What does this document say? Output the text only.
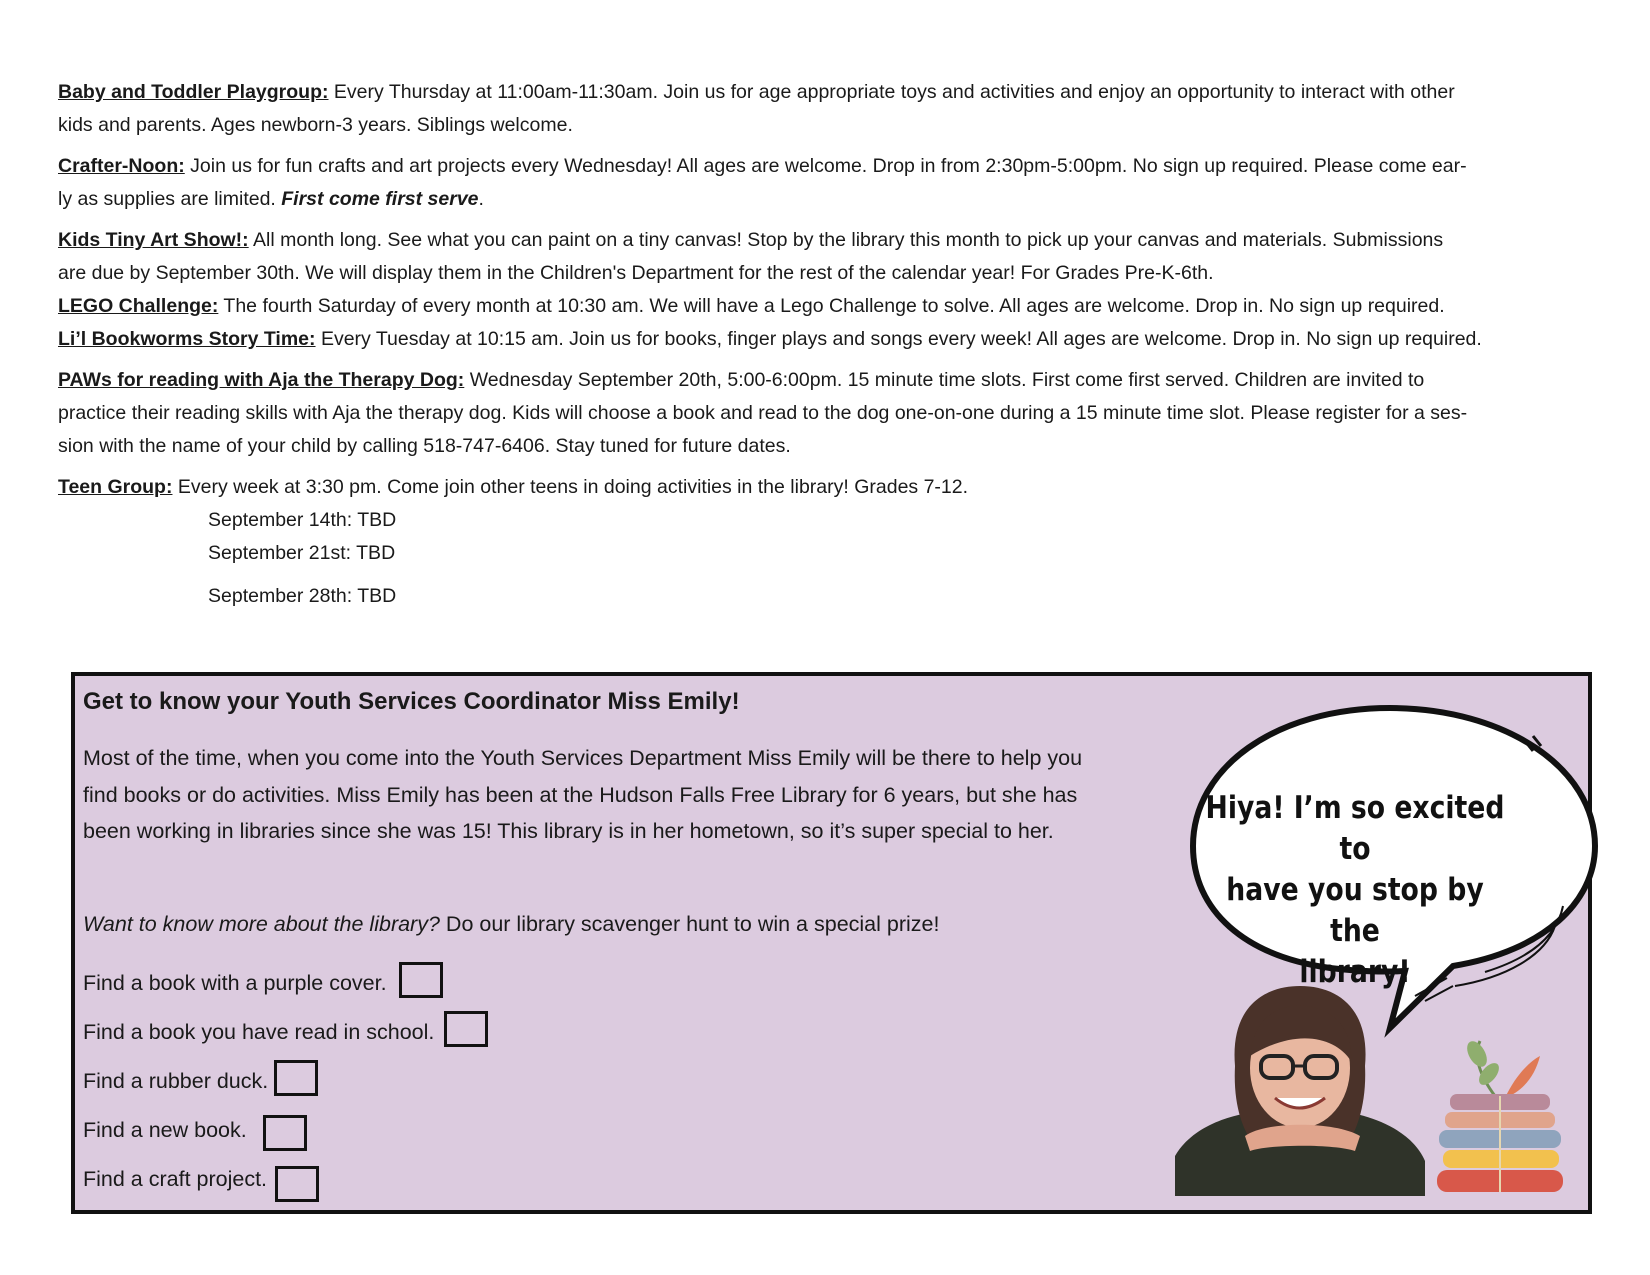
Baby and Toddler Playgroup: Every Thursday at 11:00am-11:30am. Join us for age appropriate toys and activities and enjoy an opportunity to interact with other
kids and parents. Ages newborn-3 years. Siblings welcome.

Crafter-Noon: Join us for fun crafts and art projects every Wednesday! All ages are welcome. Drop in from 2:30pm-5:00pm. No sign up required. Please come ear-
ly as supplies are limited. First come first serve.

Kids Tiny Art Show!: All month long. See what you can paint on a tiny canvas! Stop by the library this month to pick up your canvas and materials. Submissions
are due by September 30th. We will display them in the Children's Department for the rest of the calendar year! For Grades Pre-K-6th.

LEGO Challenge: The fourth Saturday of every month at 10:30 am. We will have a Lego Challenge to solve. All ages are welcome. Drop in. No sign up required.

Li’l Bookworms Story Time: Every Tuesday at 10:15 am. Join us for books, finger plays and songs every week! All ages are welcome. Drop in. No sign up required.

PAWs for reading with Aja the Therapy Dog: Wednesday September 20th, 5:00-6:00pm. 15 minute time slots. First come first served. Children are invited to
practice their reading skills with Aja the therapy dog. Kids will choose a book and read to the dog one-on-one during a 15 minute time slot. Please register for a ses-
sion with the name of your child by calling 518-747-6406. Stay tuned for future dates.

Teen Group: Every week at 3:30 pm. Come join other teens in doing activities in the library! Grades 7-12.

September 14th: TBD
September 21st: TBD
September 28th: TBD
Get to know your Youth Services Coordinator Miss Emily!
Most of the time, when you come into the Youth Services Department Miss Emily will be there to help you
find books or do activities. Miss Emily has been at the Hudson Falls Free Library for 6 years, but she has
been working in libraries since she was 15! This library is in her hometown, so it’s super special to her.
Want to know more about the library? Do our library scavenger hunt to win a special prize!
Find a book with a purple cover.
Find a book you have read in school.
Find a rubber duck.
Find a new book.
Find a craft project.
Hiya! I’m so excited to
have you stop by the
library!
